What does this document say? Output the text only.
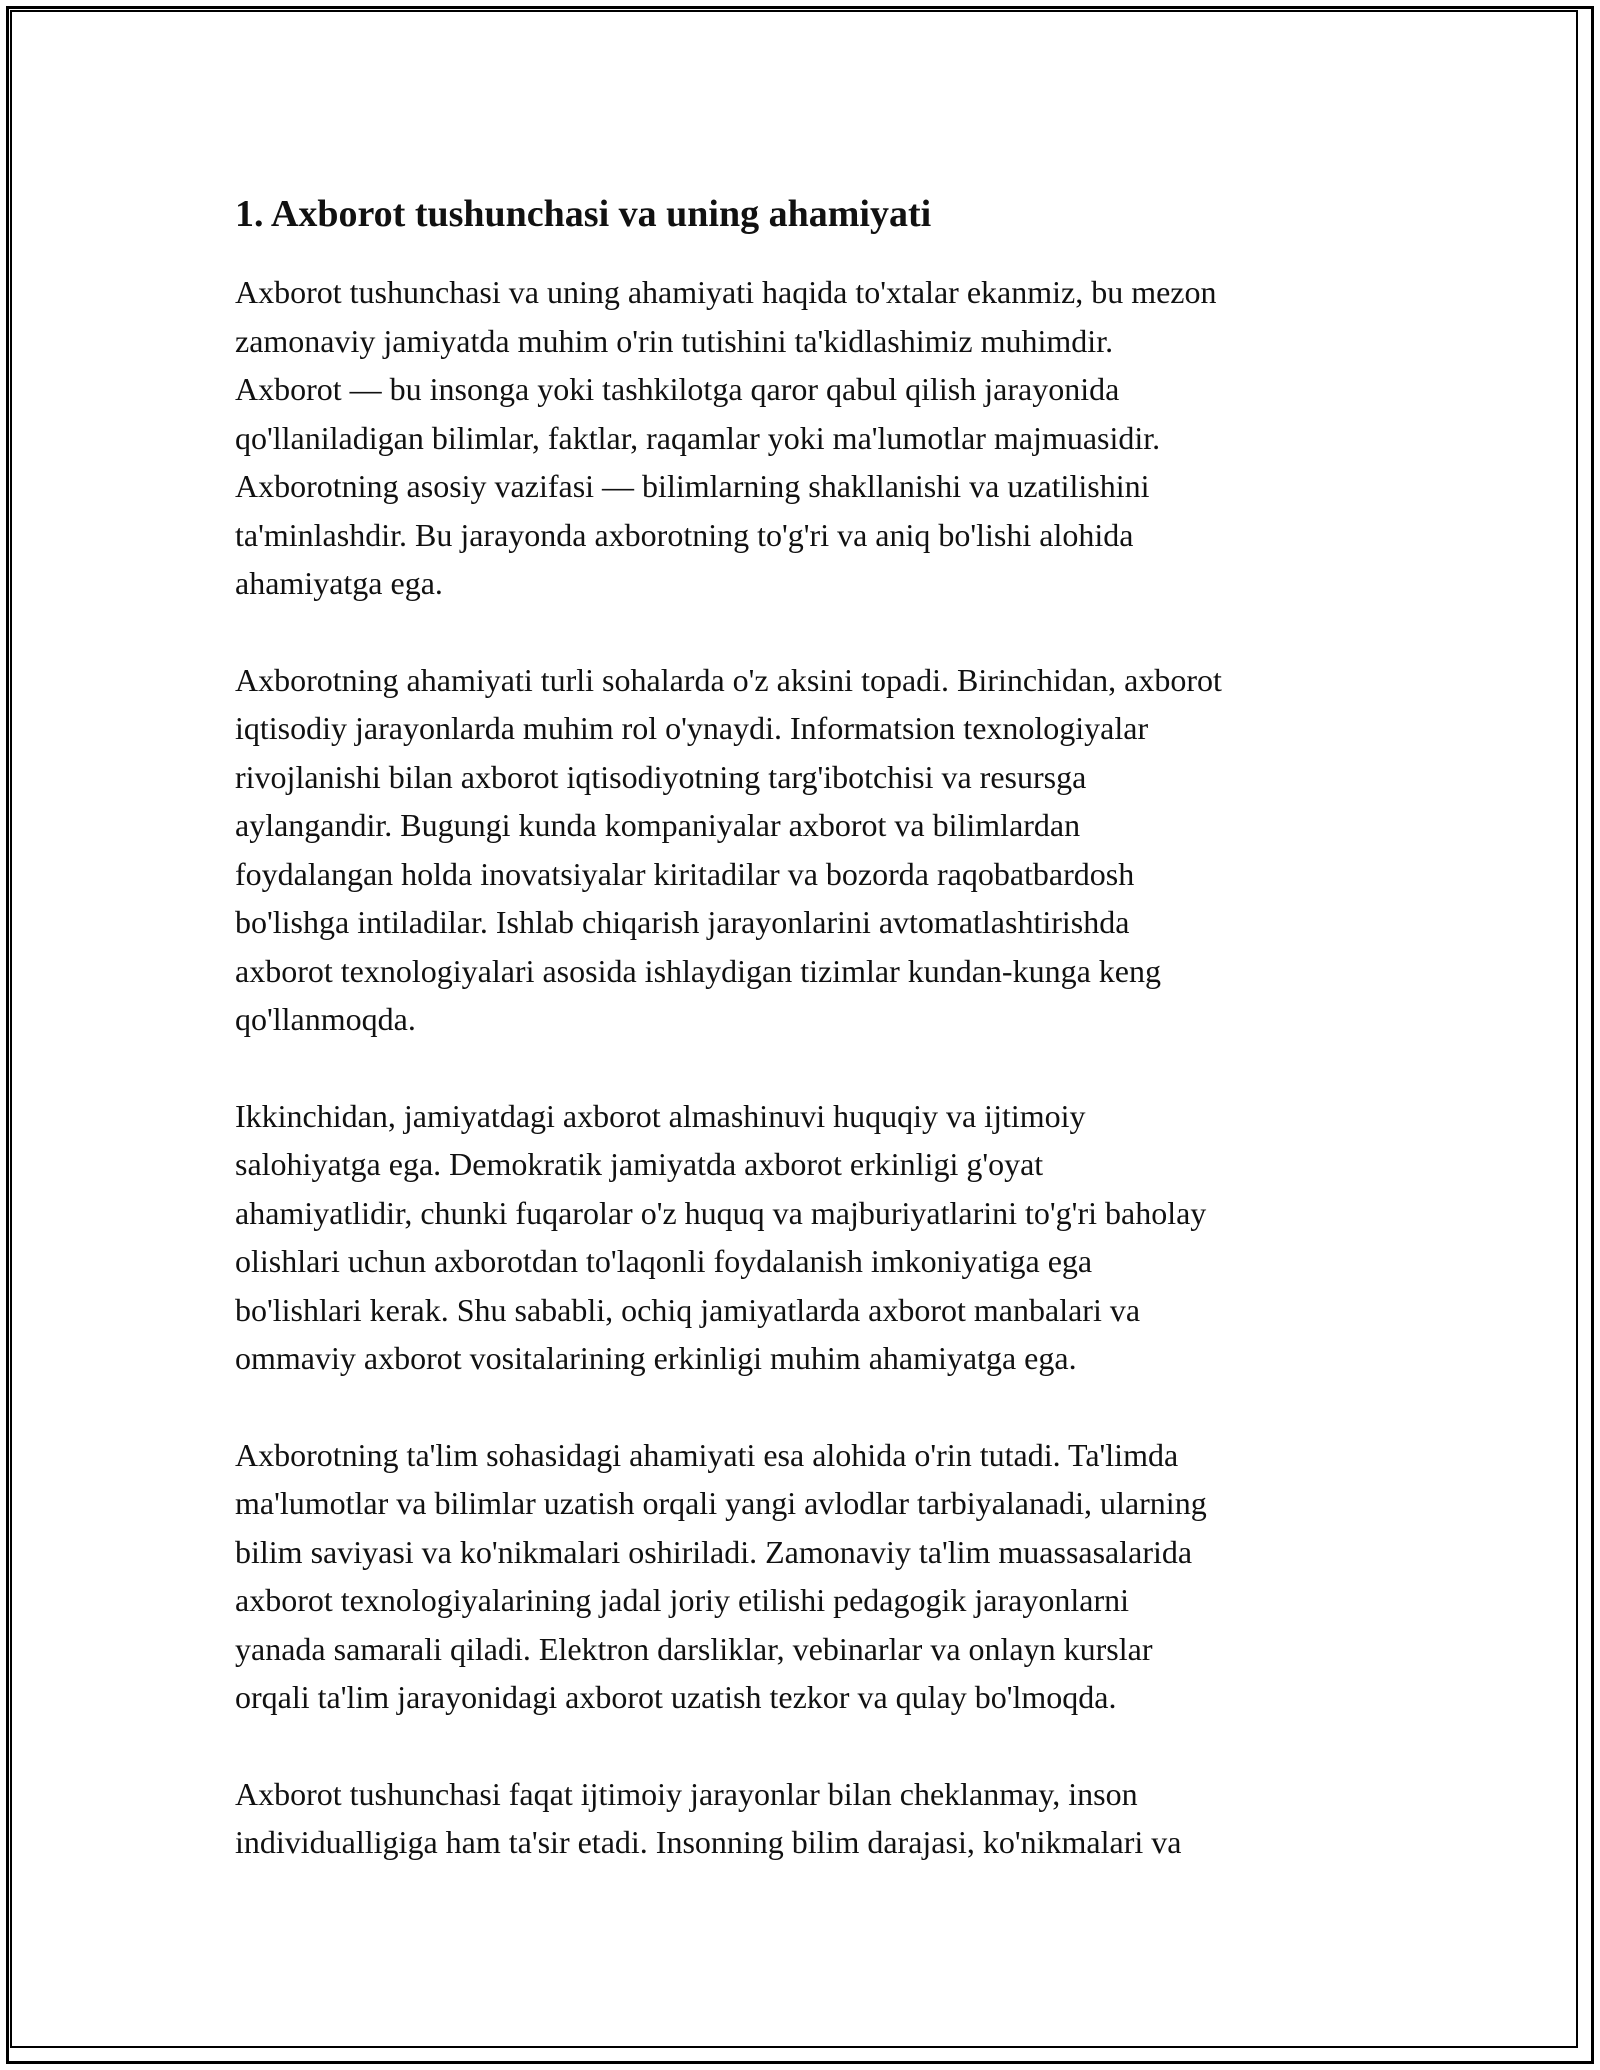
1. Axborot tushunchasi va uning ahamiyati
Axborot tushunchasi va uning ahamiyati haqida to'xtalar ekanmiz, bu mezon
zamonaviy jamiyatda muhim o'rin tutishini ta'kidlashimiz muhimdir.
Axborot — bu insonga yoki tashkilotga qaror qabul qilish jarayonida
qo'llaniladigan bilimlar, faktlar, raqamlar yoki ma'lumotlar majmuasidir.
Axborotning asosiy vazifasi — bilimlarning shakllanishi va uzatilishini
ta'minlashdir. Bu jarayonda axborotning to'g'ri va aniq bo'lishi alohida
ahamiyatga ega.
Axborotning ahamiyati turli sohalarda o'z aksini topadi. Birinchidan, axborot
iqtisodiy jarayonlarda muhim rol o'ynaydi. Informatsion texnologiyalar
rivojlanishi bilan axborot iqtisodiyotning targ'ibotchisi va resursga
aylangandir. Bugungi kunda kompaniyalar axborot va bilimlardan
foydalangan holda inovatsiyalar kiritadilar va bozorda raqobatbardosh
bo'lishga intiladilar. Ishlab chiqarish jarayonlarini avtomatlashtirishda
axborot texnologiyalari asosida ishlaydigan tizimlar kundan-kunga keng
qo'llanmoqda.
Ikkinchidan, jamiyatdagi axborot almashinuvi huquqiy va ijtimoiy
salohiyatga ega. Demokratik jamiyatda axborot erkinligi g'oyat
ahamiyatlidir, chunki fuqarolar o'z huquq va majburiyatlarini to'g'ri baholay
olishlari uchun axborotdan to'laqonli foydalanish imkoniyatiga ega
bo'lishlari kerak. Shu sababli, ochiq jamiyatlarda axborot manbalari va
ommaviy axborot vositalarining erkinligi muhim ahamiyatga ega.
Axborotning ta'lim sohasidagi ahamiyati esa alohida o'rin tutadi. Ta'limda
ma'lumotlar va bilimlar uzatish orqali yangi avlodlar tarbiyalanadi, ularning
bilim saviyasi va ko'nikmalari oshiriladi. Zamonaviy ta'lim muassasalarida
axborot texnologiyalarining jadal joriy etilishi pedagogik jarayonlarni
yanada samarali qiladi. Elektron darsliklar, vebinarlar va onlayn kurslar
orqali ta'lim jarayonidagi axborot uzatish tezkor va qulay bo'lmoqda.
Axborot tushunchasi faqat ijtimoiy jarayonlar bilan cheklanmay, inson
individualligiga ham ta'sir etadi. Insonning bilim darajasi, ko'nikmalari va
